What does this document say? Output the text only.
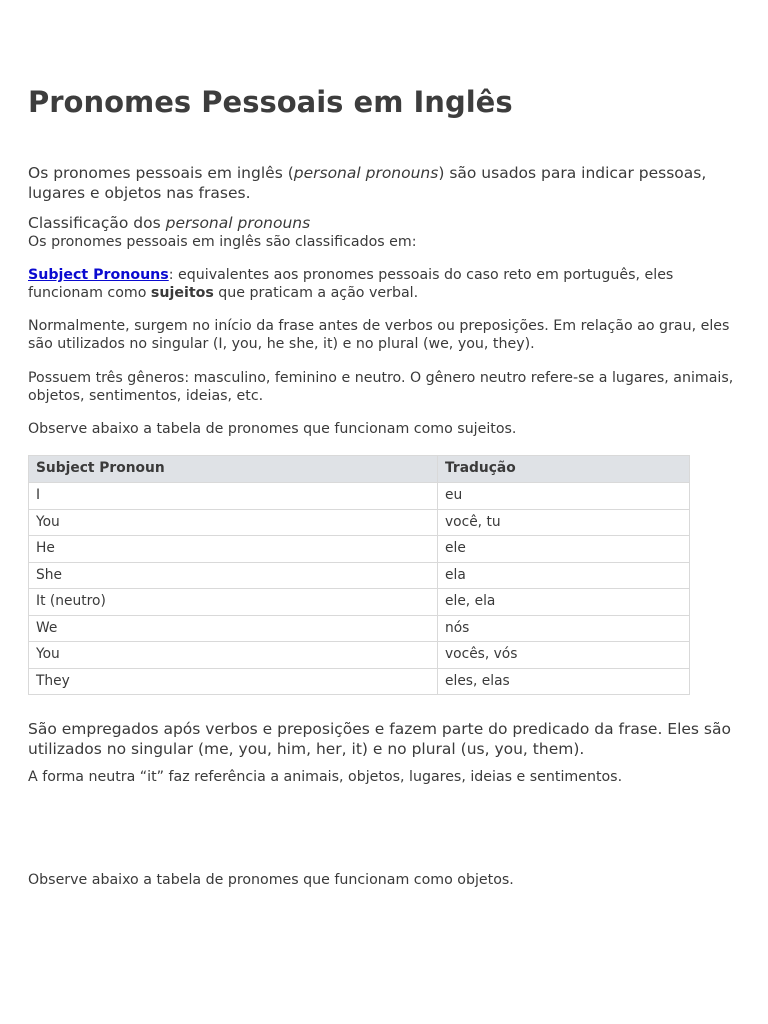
Pronomes Pessoais em Inglês

Os pronomes pessoais em inglês (personal pronouns) são usados para indicar pessoas, lugares e objetos nas frases.

Classificação dos personal pronouns

Os pronomes pessoais em inglês são classificados em:

Subject Pronouns: equivalentes aos pronomes pessoais do caso reto em português, eles funcionam como sujeitos que praticam a ação verbal.

Normalmente, surgem no início da frase antes de verbos ou preposições. Em relação ao grau, eles são utilizados no singular (I, you, he she, it) e no plural (we, you, they).

Possuem três gêneros: masculino, feminino e neutro. O gênero neutro refere-se a lugares, animais, objetos, sentimentos, ideias, etc.

Observe abaixo a tabela de pronomes que funcionam como sujeitos.

Subject Pronoun	Tradução
I	eu
You	você, tu
He	ele
She	ela
It (neutro)	ele, ela
We	nós
You	vocês, vós
They	eles, elas

São empregados após verbos e preposições e fazem parte do predicado da frase. Eles são utilizados no singular (me, you, him, her, it) e no plural (us, you, them).

A forma neutra “it” faz referência a animais, objetos, lugares, ideias e sentimentos.

Observe abaixo a tabela de pronomes que funcionam como objetos.
